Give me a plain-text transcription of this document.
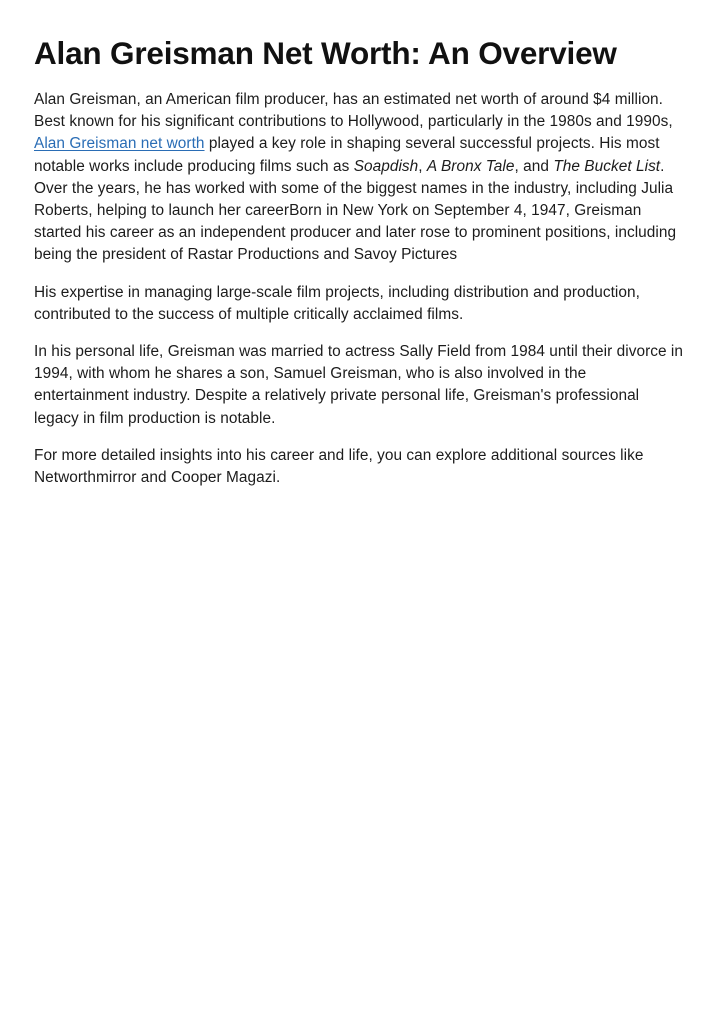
Alan Greisman Net Worth: An Overview

Alan Greisman, an American film producer, has an estimated net worth of around $4 million. Best known for his significant contributions to Hollywood, particularly in the 1980s and 1990s, Alan Greisman net worth played a key role in shaping several successful projects. His most notable works include producing films such as Soapdish, A Bronx Tale, and The Bucket List. Over the years, he has worked with some of the biggest names in the industry, including Julia Roberts, helping to launch her careerBorn in New York on September 4, 1947, Greisman started his career as an independent producer and later rose to prominent positions, including being the president of Rastar Productions and Savoy Pictures

His expertise in managing large-scale film projects, including distribution and production, contributed to the success of multiple critically acclaimed films.

In his personal life, Greisman was married to actress Sally Field from 1984 until their divorce in 1994, with whom he shares a son, Samuel Greisman, who is also involved in the entertainment industry. Despite a relatively private personal life, Greisman's professional legacy in film production is notable.

For more detailed insights into his career and life, you can explore additional sources like Networthmirror and Cooper Magazi.
